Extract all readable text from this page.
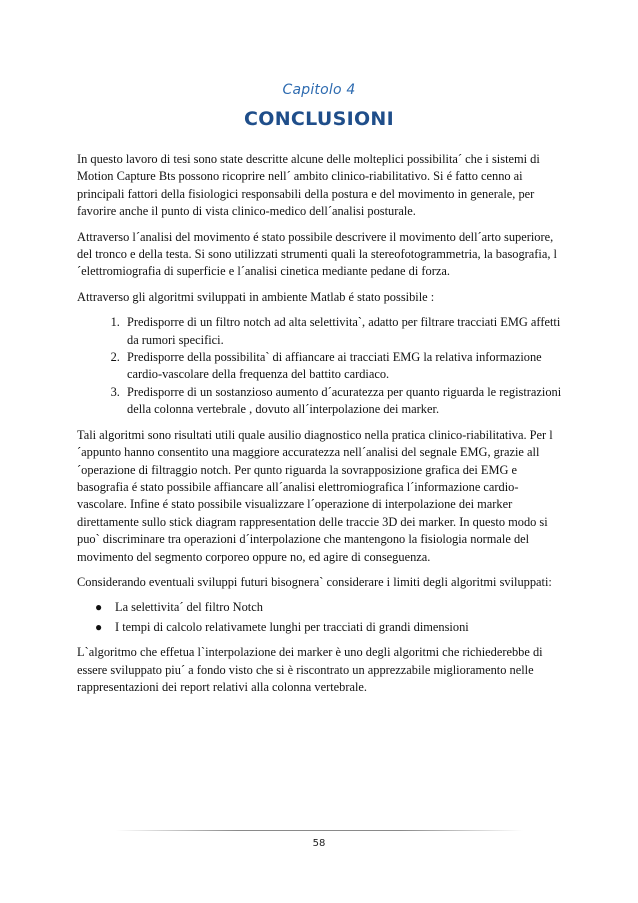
Capitolo 4
CONCLUSIONI

In questo lavoro di tesi sono state descritte alcune delle molteplici possibilita´ che i sistemi di Motion Capture Bts possono ricoprire nell´ ambito clinico-riabilitativo. Si é fatto cenno ai principali fattori della fisiologici responsabili della postura e del movimento in generale, per favorire anche il punto di vista clinico-medico dell´analisi posturale.

Attraverso l´analisi del movimento é stato possibile descrivere il movimento dell´arto superiore, del tronco e della testa. Si sono utilizzati strumenti quali la stereofotogrammetria, la basografia, l´elettromiografia di superficie e l´analisi cinetica mediante pedane di forza.

Attraverso gli algoritmi sviluppati in ambiente Matlab é stato possibile :

1. Predisporre di un filtro notch ad alta selettivita`, adatto per filtrare tracciati EMG affetti da rumori specifici.
2. Predisporre della possibilita` di affiancare ai tracciati EMG la relativa informazione cardio-vascolare della frequenza del battito cardiaco.
3. Predisporre di un sostanzioso aumento d´acuratezza per quanto riguarda le registrazioni della colonna vertebrale , dovuto all´interpolazione dei marker.

Tali algoritmi sono risultati utili quale ausilio diagnostico nella pratica clinico-riabilitativa. Per l´appunto hanno consentito una maggiore accuratezza nell´analisi del segnale EMG, grazie all´operazione di filtraggio notch. Per qunto riguarda la sovrapposizione grafica dei EMG e basografia é stato possibile affiancare all´analisi elettromiografica l´informazione cardio-vascolare. Infine é stato possibile visualizzare l´operazione di interpolazione dei marker direttamente sullo stick diagram rappresentation delle traccie 3D dei marker. In questo modo si puo` discriminare tra operazioni d´interpolazione che mantengono la fisiologia normale del movimento del segmento corporeo oppure no, ed agire di conseguenza.

Considerando eventuali sviluppi futuri bisognera` considerare i limiti degli algoritmi sviluppati:

● La selettivita´ del filtro Notch
● I tempi di calcolo relativamete lunghi per tracciati di grandi dimensioni

L`algoritmo che effetua l`interpolazione dei marker è uno degli algoritmi che richiederebbe di essere sviluppato piu´ a fondo visto che si è riscontrato un apprezzabile miglioramento nelle rappresentazioni dei report relativi alla colonna vertebrale.

58
